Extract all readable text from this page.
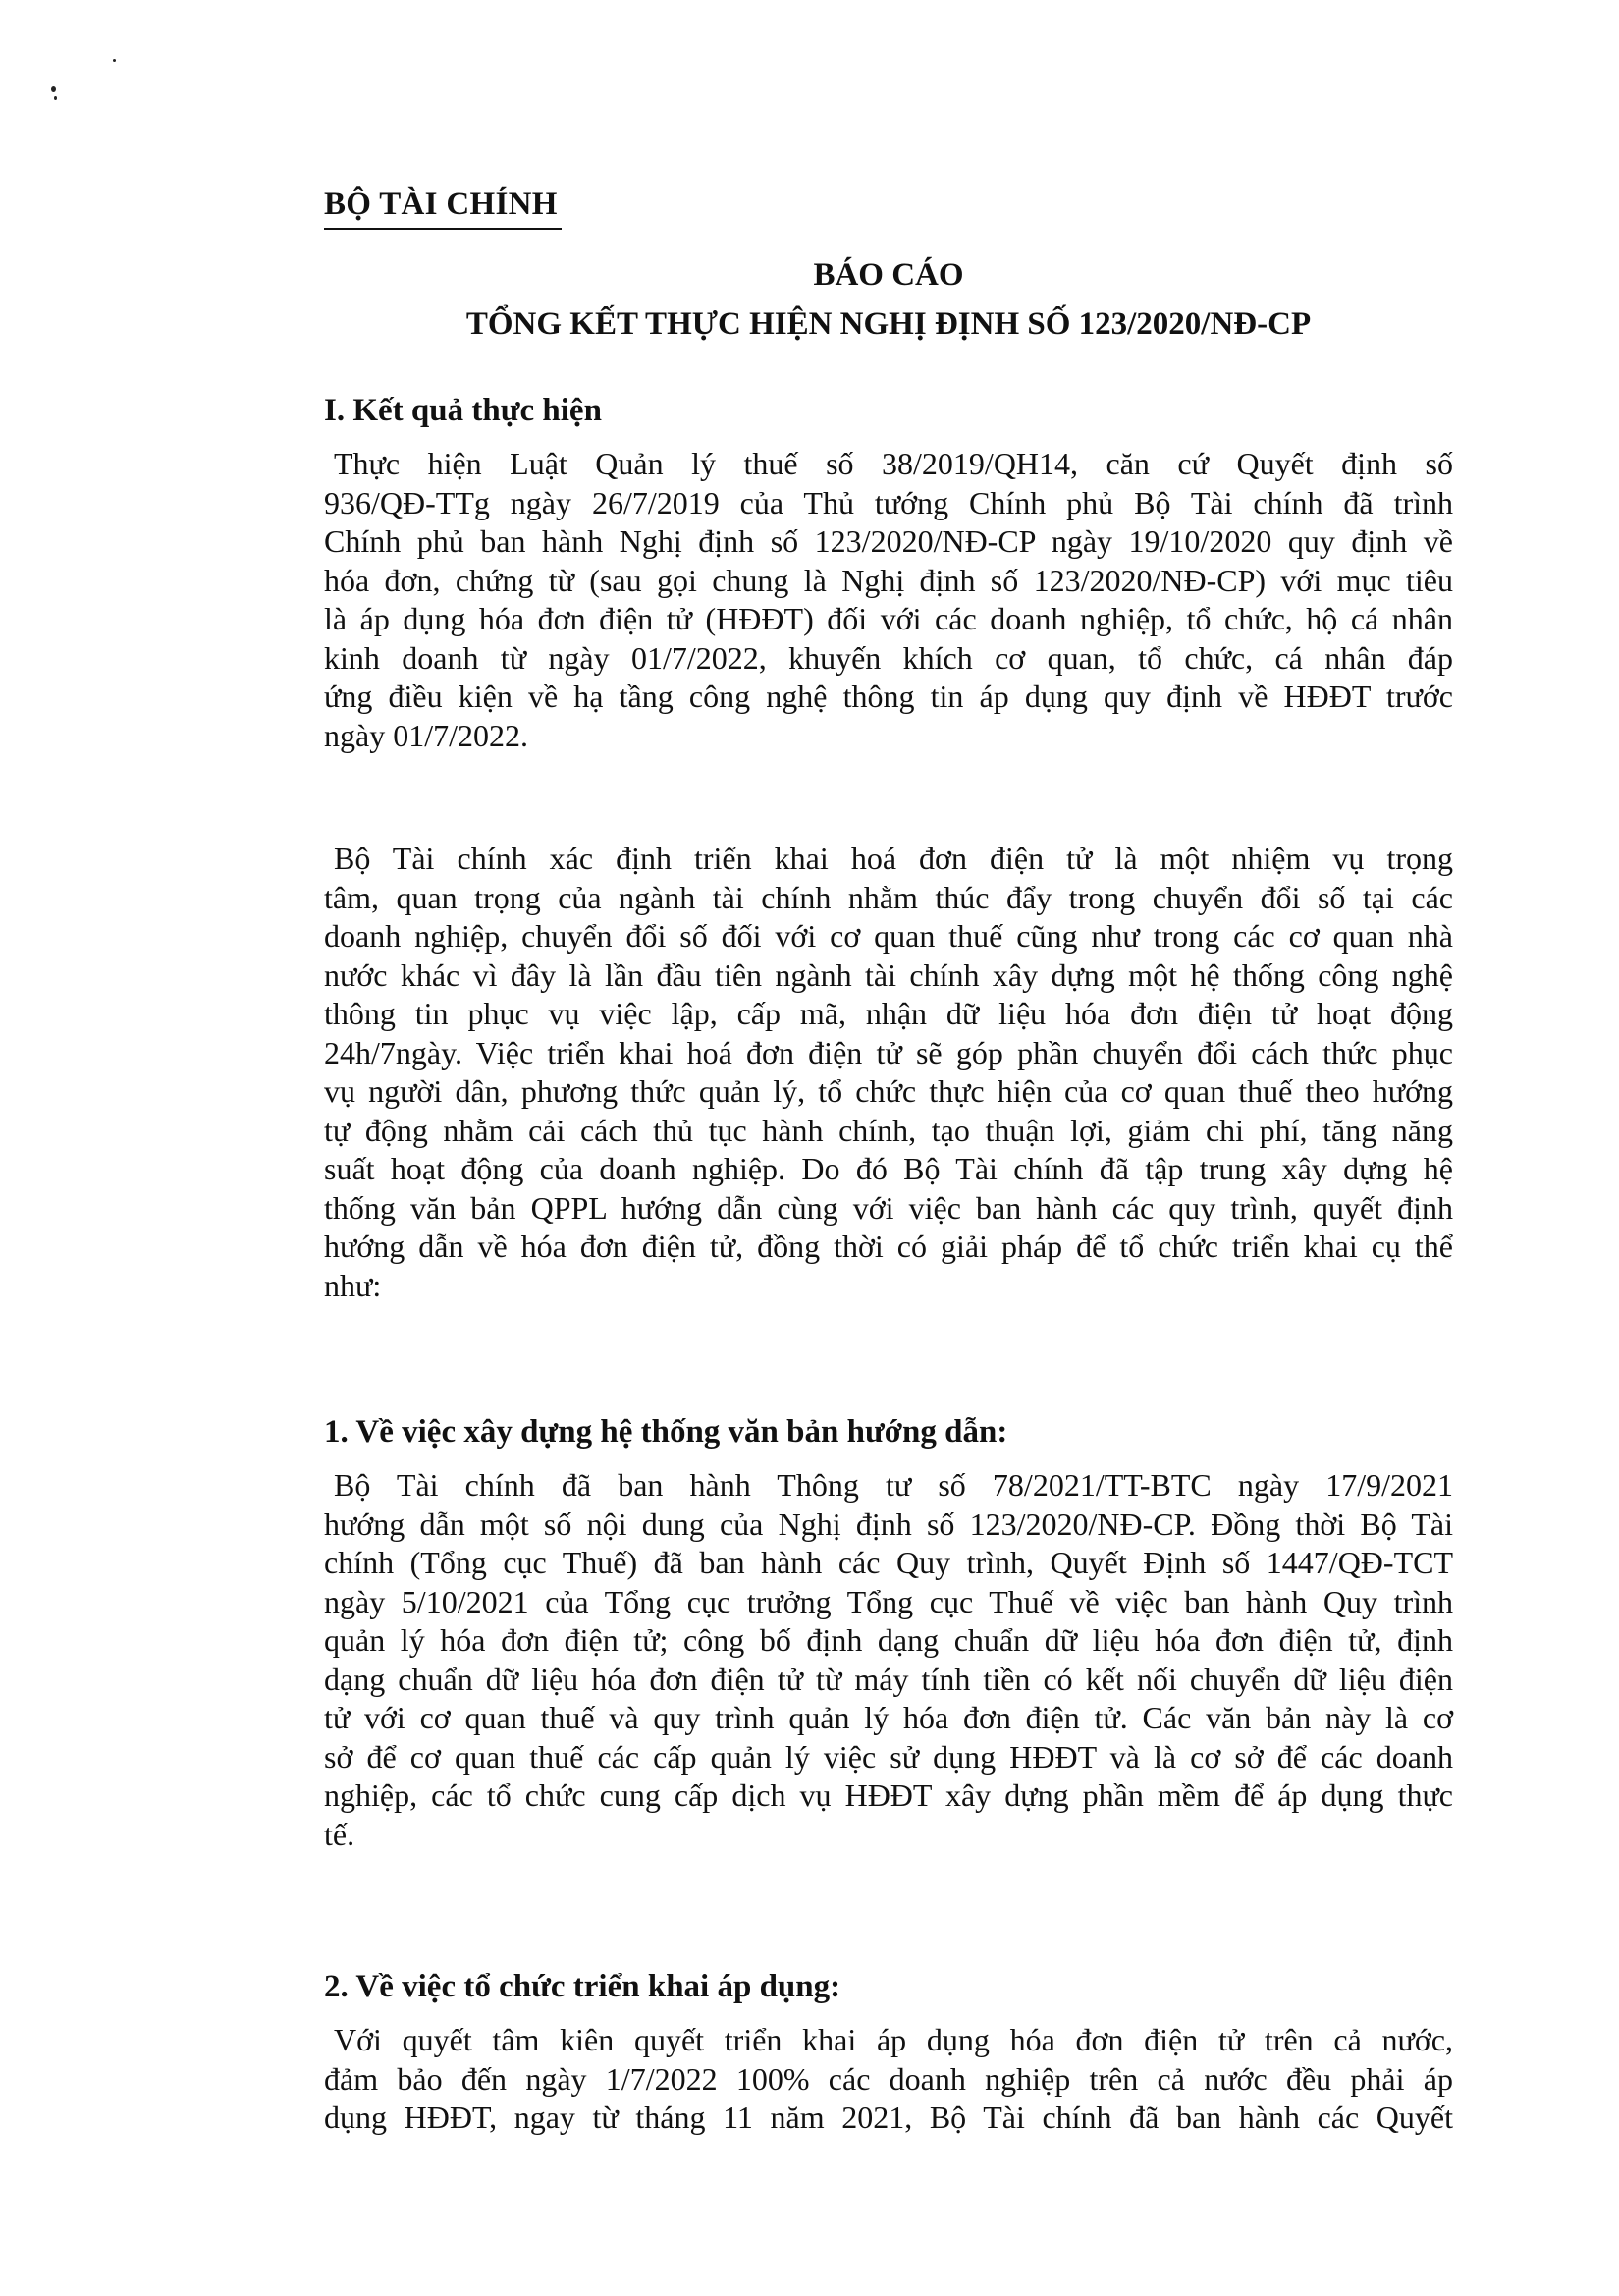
BỘ TÀI CHÍNH
BÁO CÁO
TỔNG KẾT THỰC HIỆN NGHỊ ĐỊNH SỐ 123/2020/NĐ-CP
I. Kết quả thực hiện
Thực hiện Luật Quản lý thuế số 38/2019/QH14, căn cứ Quyết định số
936/QĐ-TTg ngày 26/7/2019 của Thủ tướng Chính phủ Bộ Tài chính đã trình
Chính phủ ban hành Nghị định số 123/2020/NĐ-CP ngày 19/10/2020 quy định về
hóa đơn, chứng từ (sau gọi chung là Nghị định số 123/2020/NĐ-CP) với mục tiêu
là áp dụng hóa đơn điện tử (HĐĐT) đối với các doanh nghiệp, tổ chức, hộ cá nhân
kinh doanh từ ngày 01/7/2022, khuyến khích cơ quan, tổ chức, cá nhân đáp
ứng điều kiện về hạ tầng công nghệ thông tin áp dụng quy định về HĐĐT trước
ngày 01/7/2022.
Bộ Tài chính xác định triển khai hoá đơn điện tử là một nhiệm vụ trọng
tâm, quan trọng của ngành tài chính nhằm thúc đẩy trong chuyển đổi số tại các
doanh nghiệp, chuyển đổi số đối với cơ quan thuế cũng như trong các cơ quan nhà
nước khác vì đây là lần đầu tiên ngành tài chính xây dựng một hệ thống công nghệ
thông tin phục vụ việc lập, cấp mã, nhận dữ liệu hóa đơn điện tử hoạt động
24h/7ngày. Việc triển khai hoá đơn điện tử sẽ góp phần chuyển đổi cách thức phục
vụ người dân, phương thức quản lý, tổ chức thực hiện của cơ quan thuế theo hướng
tự động nhằm cải cách thủ tục hành chính, tạo thuận lợi, giảm chi phí, tăng năng
suất hoạt động của doanh nghiệp. Do đó Bộ Tài chính đã tập trung xây dựng hệ
thống văn bản QPPL hướng dẫn cùng với việc ban hành các quy trình, quyết định
hướng dẫn về hóa đơn điện tử, đồng thời có giải pháp để tổ chức triển khai cụ thể
như:
1. Về việc xây dựng hệ thống văn bản hướng dẫn:
Bộ Tài chính đã ban hành Thông tư số 78/2021/TT-BTC ngày 17/9/2021
hướng dẫn một số nội dung của Nghị định số 123/2020/NĐ-CP. Đồng thời Bộ Tài
chính (Tổng cục Thuế) đã ban hành các Quy trình, Quyết Định số 1447/QĐ-TCT
ngày 5/10/2021 của Tổng cục trưởng Tổng cục Thuế về việc ban hành Quy trình
quản lý hóa đơn điện tử; công bố định dạng chuẩn dữ liệu hóa đơn điện tử, định
dạng chuẩn dữ liệu hóa đơn điện tử từ máy tính tiền có kết nối chuyển dữ liệu điện
tử với cơ quan thuế và quy trình quản lý hóa đơn điện tử. Các văn bản này là cơ
sở để cơ quan thuế các cấp quản lý việc sử dụng HĐĐT và là cơ sở để các doanh
nghiệp, các tổ chức cung cấp dịch vụ HĐĐT xây dựng phần mềm để áp dụng thực
tế.
2. Về việc tổ chức triển khai áp dụng:
Với quyết tâm kiên quyết triển khai áp dụng hóa đơn điện tử trên cả nước,
đảm bảo đến ngày 1/7/2022 100% các doanh nghiệp trên cả nước đều phải áp
dụng HĐĐT, ngay từ tháng 11 năm 2021, Bộ Tài chính đã ban hành các Quyết
